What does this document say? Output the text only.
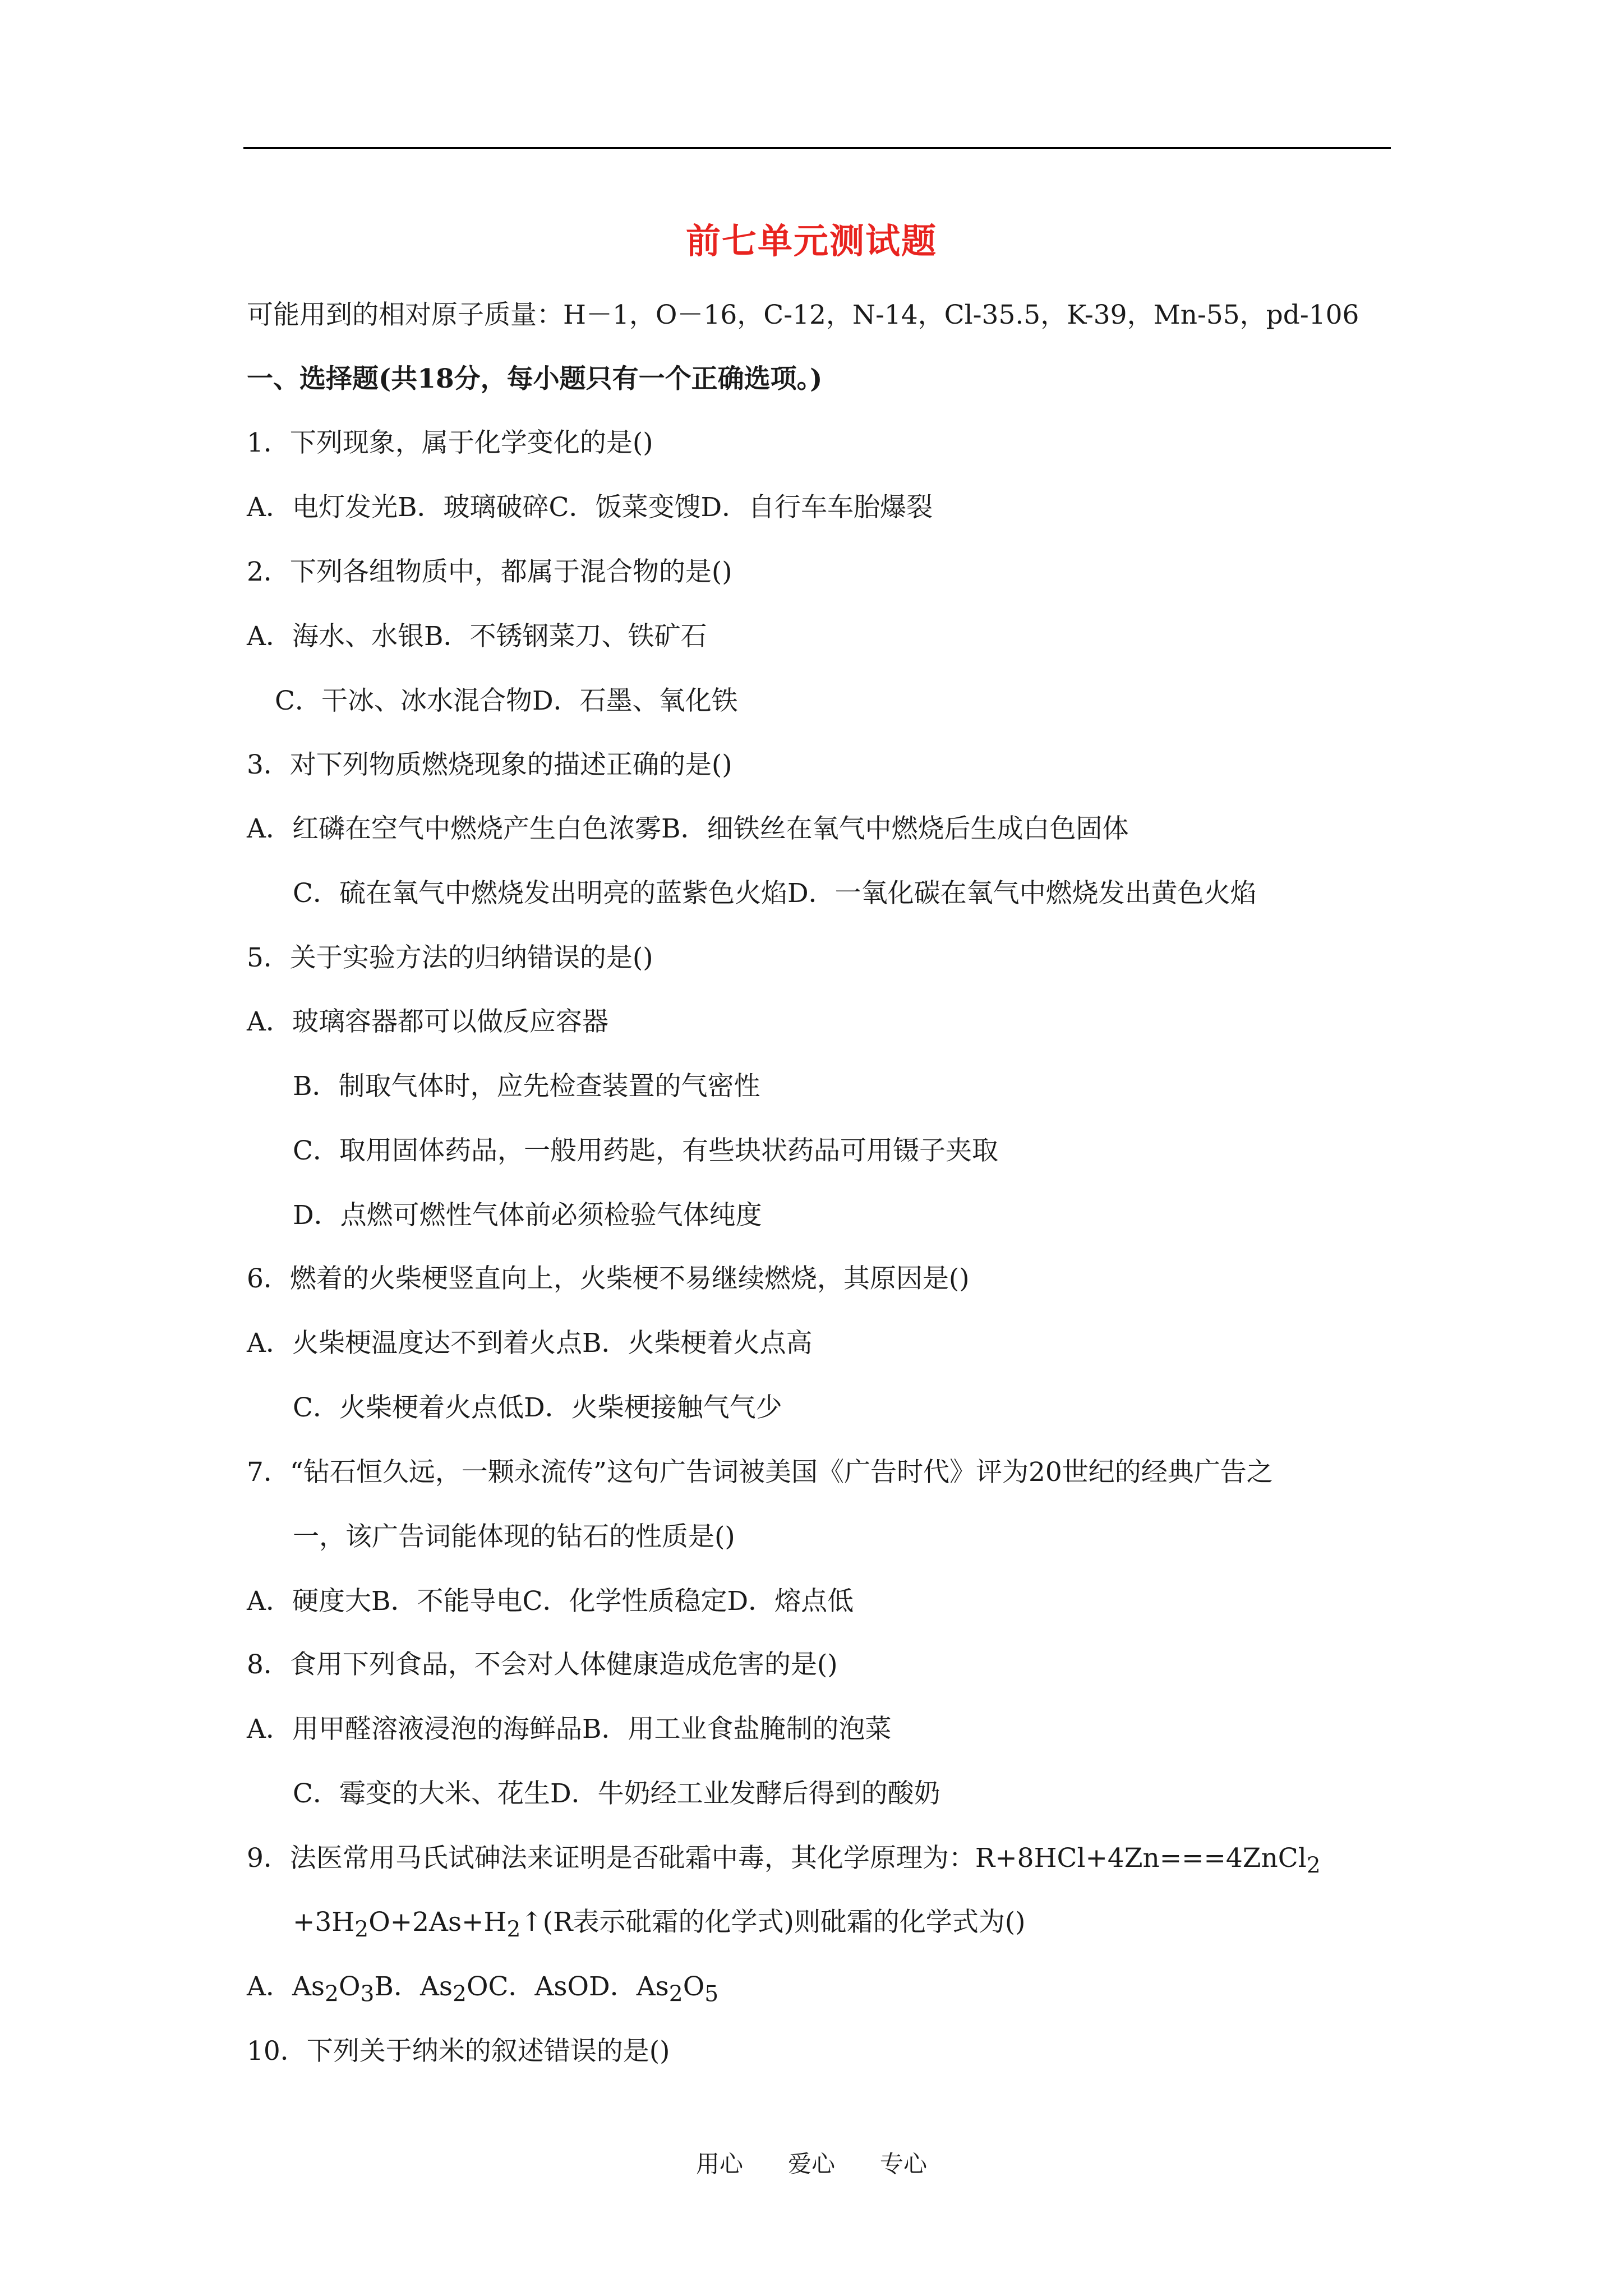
前七单元测试题
可能用到的相对原子质量：H－1，O－16，C-12，N-14，Cl-35.5，K-39，Mn-55，pd-106
一、选择题(共18分，每小题只有一个正确选项。)
1．下列现象，属于化学变化的是()
A．电灯发光B．玻璃破碎C．饭菜变馊D．自行车车胎爆裂
2．下列各组物质中，都属于混合物的是()
A．海水、水银B．不锈钢菜刀、铁矿石
C．干冰、冰水混合物D．石墨、氧化铁
3．对下列物质燃烧现象的描述正确的是()
A．红磷在空气中燃烧产生白色浓雾B．细铁丝在氧气中燃烧后生成白色固体
C．硫在氧气中燃烧发出明亮的蓝紫色火焰D．一氧化碳在氧气中燃烧发出黄色火焰
5．关于实验方法的归纳错误的是()
A．玻璃容器都可以做反应容器
B．制取气体时，应先检查装置的气密性
C．取用固体药品，一般用药匙，有些块状药品可用镊子夹取
D．点燃可燃性气体前必须检验气体纯度
6．燃着的火柴梗竖直向上，火柴梗不易继续燃烧，其原因是()
A．火柴梗温度达不到着火点B．火柴梗着火点高
C．火柴梗着火点低D．火柴梗接触气气少
7．“钻石恒久远，一颗永流传”这句广告词被美国《广告时代》评为20世纪的经典广告之
一，该广告词能体现的钻石的性质是()
A．硬度大B．不能导电C．化学性质稳定D．熔点低
8．食用下列食品，不会对人体健康造成危害的是()
A．用甲醛溶液浸泡的海鲜品B．用工业食盐腌制的泡菜
C．霉变的大米、花生D．牛奶经工业发酵后得到的酸奶
9．法医常用马氏试砷法来证明是否砒霜中毒，其化学原理为：R+8HCl+4Zn===4ZnCl$_2$
$+3H_2O+2As+H_2↑(R$表示砒霜的化学式)则砒霜的化学式为()
A．$As_2O_3B$．$As_2OC$．AsOD．$As_2O_5$
10．下列关于纳米的叙述错误的是()
用心 爱心 专心
